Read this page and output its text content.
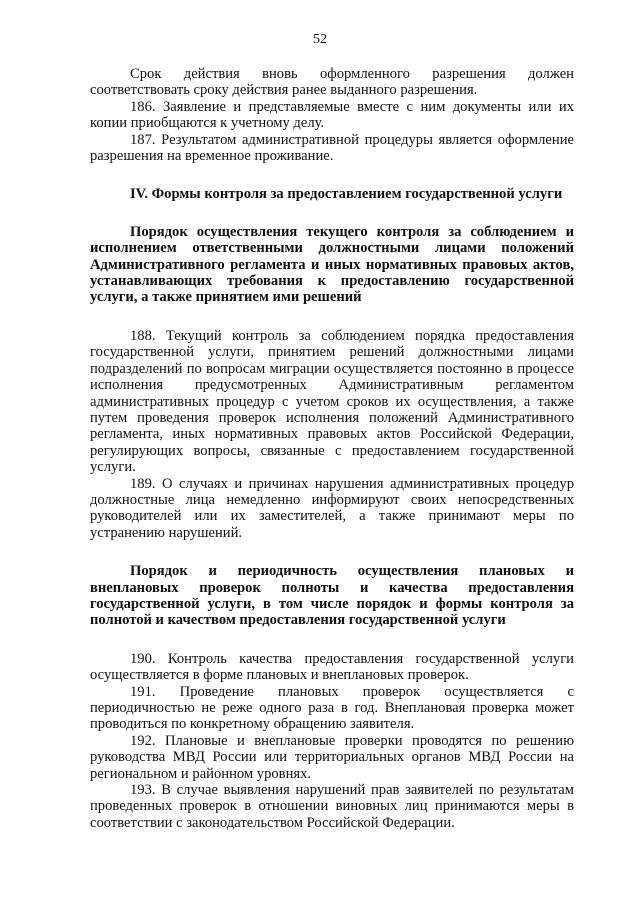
52

Срок действия вновь оформленного разрешения должен соответствовать сроку действия ранее выданного разрешения.

186. Заявление и представляемые вместе с ним документы или их копии приобщаются к учетному делу.

187. Результатом административной процедуры является оформление разрешения на временное проживание.

IV. Формы контроля за предоставлением государственной услуги

Порядок осуществления текущего контроля за соблюдением и исполнением ответственными должностными лицами положений Административного регламента и иных нормативных правовых актов, устанавливающих требования к предоставлению государственной услуги, а также принятием ими решений

188. Текущий контроль за соблюдением порядка предоставления государственной услуги, принятием решений должностными лицами подразделений по вопросам миграции осуществляется постоянно в процессе исполнения предусмотренных Административным регламентом административных процедур с учетом сроков их осуществления, а также путем проведения проверок исполнения положений Административного регламента, иных нормативных правовых актов Российской Федерации, регулирующих вопросы, связанные с предоставлением государственной услуги.

189. О случаях и причинах нарушения административных процедур должностные лица немедленно информируют своих непосредственных руководителей или их заместителей, а также принимают меры по устранению нарушений.

Порядок и периодичность осуществления плановых и внеплановых проверок полноты и качества предоставления государственной услуги, в том числе порядок и формы контроля за полнотой и качеством предоставления государственной услуги

190. Контроль качества предоставления государственной услуги осуществляется в форме плановых и внеплановых проверок.

191. Проведение плановых проверок осуществляется с периодичностью не реже одного раза в год. Внеплановая проверка может проводиться по конкретному обращению заявителя.

192. Плановые и внеплановые проверки проводятся по решению руководства МВД России или территориальных органов МВД России на региональном и районном уровнях.

193. В случае выявления нарушений прав заявителей по результатам проведенных проверок в отношении виновных лиц принимаются меры в соответствии с законодательством Российской Федерации.
